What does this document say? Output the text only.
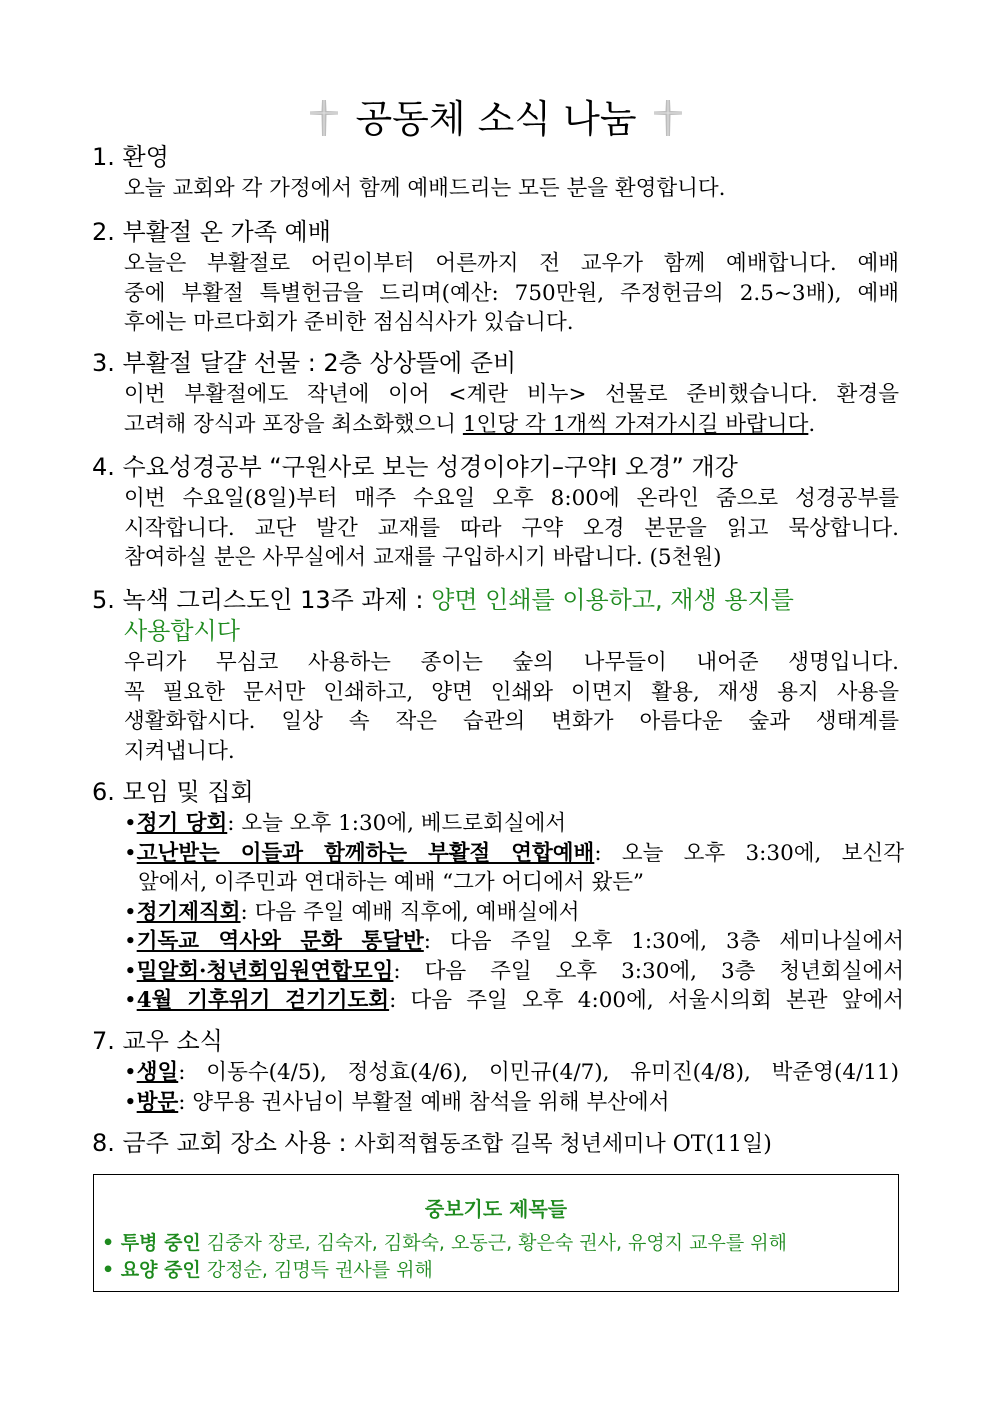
공동체 소식 나눔
1. 환영
오늘 교회와 각 가정에서 함께 예배드리는 모든 분을 환영합니다.
2. 부활절 온 가족 예배
오늘은 부활절로 어린이부터 어른까지 전 교우가 함께 예배합니다. 예배
중에 부활절 특별헌금을 드리며(예산: 750만원, 주정헌금의 2.5~3배), 예배
후에는 마르다회가 준비한 점심식사가 있습니다.
3. 부활절 달걀 선물 : 2층 상상뜰에 준비
이번 부활절에도 작년에 이어 <계란 비누> 선물로 준비했습니다. 환경을
고려해 장식과 포장을 최소화했으니 1인당 각 1개씩 가져가시길 바랍니다.
4. 수요성경공부 “구원사로 보는 성경이야기–구약Ⅰ 오경” 개강
이번 수요일(8일)부터 매주 수요일 오후 8:00에 온라인 줌으로 성경공부를
시작합니다. 교단 발간 교재를 따라 구약 오경 본문을 읽고 묵상합니다.
참여하실 분은 사무실에서 교재를 구입하시기 바랍니다. (5천원)
5. 녹색 그리스도인 13주 과제 : 양면 인쇄를 이용하고, 재생 용지를
사용합시다
우리가 무심코 사용하는 종이는 숲의 나무들이 내어준 생명입니다.
꼭 필요한 문서만 인쇄하고, 양면 인쇄와 이면지 활용, 재생 용지 사용을
생활화합시다. 일상 속 작은 습관의 변화가 아름다운 숲과 생태계를
지켜냅니다.
6. 모임 및 집회
•정기 당회: 오늘 오후 1:30에, 베드로회실에서
•고난받는 이들과 함께하는 부활절 연합예배: 오늘 오후 3:30에, 보신각
앞에서, 이주민과 연대하는 예배 “그가 어디에서 왔든”
•정기제직회: 다음 주일 예배 직후에, 예배실에서
•기독교 역사와 문화 통달반: 다음 주일 오후 1:30에, 3층 세미나실에서
•밀알회·청년회임원연합모임: 다음 주일 오후 3:30에, 3층 청년회실에서
•4월 기후위기 걷기기도회: 다음 주일 오후 4:00에, 서울시의회 본관 앞에서
7. 교우 소식
•생일: 이동수(4/5), 정성효(4/6), 이민규(4/7), 유미진(4/8), 박준영(4/11)
•방문: 양무용 권사님이 부활절 예배 참석을 위해 부산에서
8. 금주 교회 장소 사용 : 사회적협동조합 길목 청년세미나 OT(11일)
중보기도 제목들
• 투병 중인 김중자 장로, 김숙자, 김화숙, 오동근, 황은숙 권사, 유영지 교우를 위해
• 요양 중인 강정순, 김명득 권사를 위해
